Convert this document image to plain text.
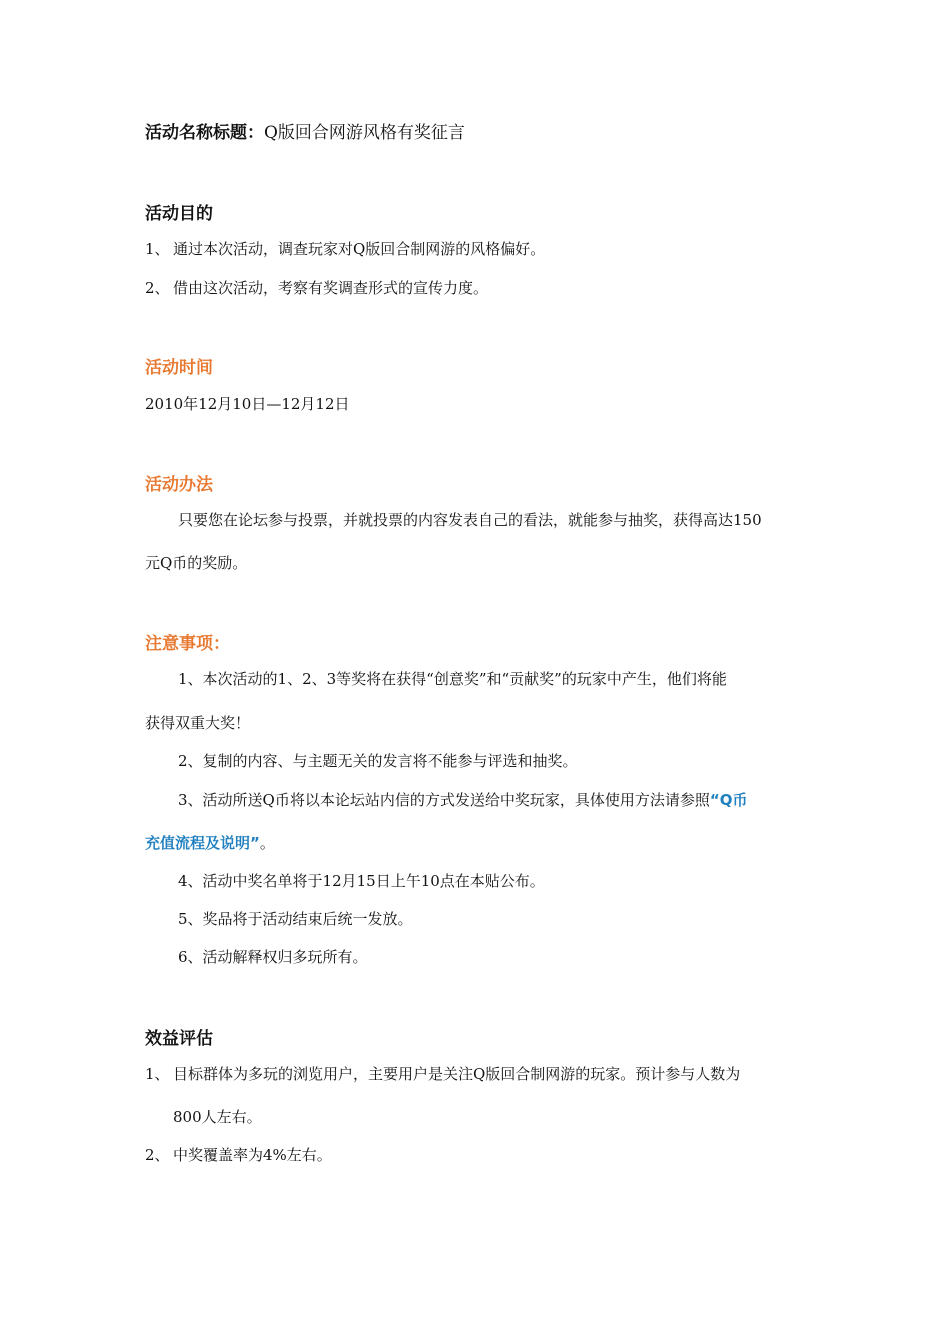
活动名称标题：Q版回合网游风格有奖征言
活动目的
1、 通过本次活动，调查玩家对Q版回合制网游的风格偏好。
2、 借由这次活动，考察有奖调查形式的宣传力度。
活动时间
2010年12月10日—12月12日
活动办法
只要您在论坛参与投票，并就投票的内容发表自己的看法，就能参与抽奖，获得高达150
元Q币的奖励。
注意事项：
1、本次活动的1、2、3等奖将在获得“创意奖”和“贡献奖”的玩家中产生，他们将能
获得双重大奖！
2、复制的内容、与主题无关的发言将不能参与评选和抽奖。
3、活动所送Q币将以本论坛站内信的方式发送给中奖玩家，具体使用方法请参照“Q币
充值流程及说明”。
4、活动中奖名单将于12月15日上午10点在本贴公布。
5、奖品将于活动结束后统一发放。
6、活动解释权归多玩所有。
效益评估
1、 目标群体为多玩的浏览用户，主要用户是关注Q版回合制网游的玩家。预计参与人数为
800人左右。
2、 中奖覆盖率为4%左右。
